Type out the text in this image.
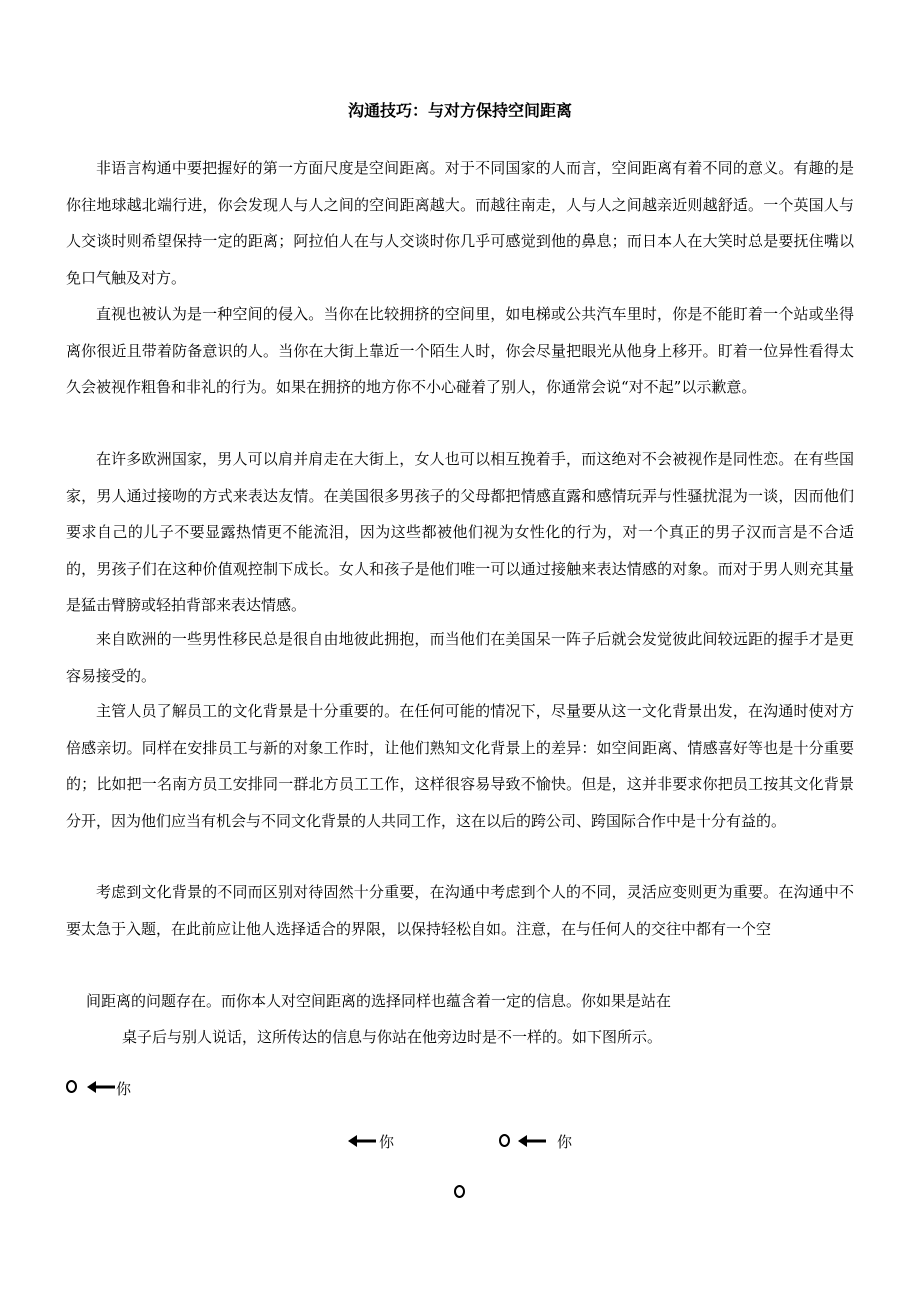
沟通技巧：与对方保持空间距离

非语言构通中要把握好的第一方面尺度是空间距离。对于不同国家的人而言，空间距离有着不同的意义。有趣的是你往地球越北端行进，你会发现人与人之间的空间距离越大。而越往南走，人与人之间越亲近则越舒适。一个英国人与人交谈时则希望保持一定的距离；阿拉伯人在与人交谈时你几乎可感觉到他的鼻息；而日本人在大笑时总是要抚住嘴以免口气触及对方。

直视也被认为是一种空间的侵入。当你在比较拥挤的空间里，如电梯或公共汽车里时，你是不能盯着一个站或坐得离你很近且带着防备意识的人。当你在大街上靠近一个陌生人时，你会尽量把眼光从他身上移开。盯着一位异性看得太久会被视作粗鲁和非礼的行为。如果在拥挤的地方你不小心碰着了别人，你通常会说“对不起”以示歉意。

在许多欧洲国家，男人可以肩并肩走在大街上，女人也可以相互挽着手，而这绝对不会被视作是同性恋。在有些国家，男人通过接吻的方式来表达友情。在美国很多男孩子的父母都把情感直露和感情玩弄与性骚扰混为一谈，因而他们要求自己的儿子不要显露热情更不能流泪，因为这些都被他们视为女性化的行为，对一个真正的男子汉而言是不合适的，男孩子们在这种价值观控制下成长。女人和孩子是他们唯一可以通过接触来表达情感的对象。而对于男人则充其量是猛击臂膀或轻拍背部来表达情感。

来自欧洲的一些男性移民总是很自由地彼此拥抱，而当他们在美国呆一阵子后就会发觉彼此间较远距的握手才是更容易接受的。

主管人员了解员工的文化背景是十分重要的。在任何可能的情况下，尽量要从这一文化背景出发，在沟通时使对方倍感亲切。同样在安排员工与新的对象工作时，让他们熟知文化背景上的差异：如空间距离、情感喜好等也是十分重要的；比如把一名南方员工安排同一群北方员工工作，这样很容易导致不愉快。但是，这并非要求你把员工按其文化背景分开，因为他们应当有机会与不同文化背景的人共同工作，这在以后的跨公司、跨国际合作中是十分有益的。

考虑到文化背景的不同而区别对待固然十分重要，在沟通中考虑到个人的不同，灵活应变则更为重要。在沟通中不要太急于入题，在此前应让他人选择适合的界限，以保持轻松自如。注意，在与任何人的交往中都有一个空

间距离的问题存在。而你本人对空间距离的选择同样也蕴含着一定的信息。你如果是站在

桌子后与别人说话，这所传达的信息与你站在他旁边时是不一样的。如下图所示。

你
你	你
